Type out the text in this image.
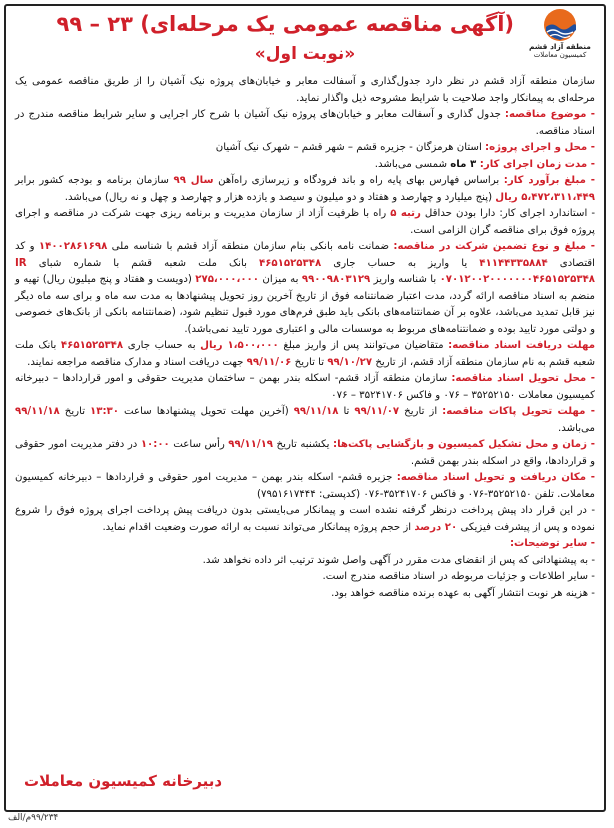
منطقه آزاد قشم
کمیسیون معاملات
(آگهی مناقصه عمومی یک مرحله‌ای) ۲۳ – ۹۹
«نوبت اول»

سازمان منطقه آزاد قشم در نظر دارد جدول‌گذاری و آسفالت معابر و خیابان‌های پروژه نیک آشیان را از طریق مناقصه عمومی یک مرحله‌ای به پیمانکار واجد صلاحیت با شرایط مشروحه ذیل واگذار نماید.

- موضوع مناقصه: جدول گذاری و آسفالت معابر و خیابان‌های پروژه نیک آشیان با شرح کار اجرایی و سایر شرایط مناقصه مندرج در اسناد مناقصه.

- محل و اجرای پروژه: استان هرمزگان - جزیره قشم – شهر قشم – شهرک نیک آشیان

- مدت زمان اجرای کار: ۳ ماه شمسی می‌باشد.

- مبلغ برآورد کار: براساس فهارس بهای پایه راه و باند فرودگاه و زیرسازی راه‌آهن سال ۹۹ سازمان برنامه و بودجه کشور برابر ۵،۴۷۲،۳۱۱،۴۴۹ ریال (پنج میلیارد و چهارصد و هفتاد و دو میلیون و سیصد و یازده هزار و چهارصد و چهل و نه ریال) می‌باشد.

- استاندارد اجرای کار: دارا بودن حداقل رتبه ۵ راه با ظرفیت آزاد از سازمان مدیریت و برنامه ریزی جهت شرکت در مناقصه و اجرای پروژه فوق برای مناقصه گران الزامی است.

- مبلغ و نوع تضمین شرکت در مناقصه: ضمانت نامه بانکی بنام سازمان منطقه آزاد قشم با شناسه ملی ۱۴۰۰۲۸۶۱۶۹۸ و کد اقتصادی ۴۱۱۴۴۳۳۵۸۸۴ یا واریز به حساب جاری ۴۶۵۱۵۲۵۳۴۸ بانک ملت شعبه قشم با شماره شبای IR ۰۷۰۱۲۰۰۲۰۰۰۰۰۰۰۴۶۵۱۵۲۵۳۴۸ با شناسه واریز ۹۹۰۰۹۸۰۳۱۲۹ به میزان ۲۷۵،۰۰۰،۰۰۰ (دویست و هفتاد و پنج میلیون ریال) تهیه و منضم به اسناد مناقصه ارائه گردد، مدت اعتبار ضمانتنامه فوق از تاریخ آخرین روز تحویل پیشنهادها به مدت سه ماه و برای سه ماه دیگر نیز قابل تمدید می‌باشد، علاوه بر آن ضمانتنامه‌های بانکی باید طبق فرم‌های مورد قبول تنظیم شود، (ضمانتنامه بانکی از بانک‌های خصوصی و دولتی مورد تایید بوده و ضمانتنامه‌های مربوط به موسسات مالی و اعتباری مورد تایید نمی‌باشد).

مهلت دریافت اسناد مناقصه: متقاضیان می‌توانند پس از واریز مبلغ ۱،۵۰۰،۰۰۰ ریال به حساب جاری ۴۶۵۱۵۲۵۳۴۸ بانک ملت شعبه قشم به نام سازمان منطقه آزاد قشم، از تاریخ ۹۹/۱۰/۲۷ تا تاریخ ۹۹/۱۱/۰۶ جهت دریافت اسناد و مدارک مناقصه مراجعه نمایند.

- محل تحویل اسناد مناقصه: سازمان منطقه آزاد قشم- اسکله بندر بهمن – ساختمان مدیریت حقوقی و امور قراردادها – دبیرخانه کمیسیون معاملات ۳۵۲۵۲۱۵۰ – ۰۷۶ و فاکس ۳۵۲۴۱۷۰۶ – ۰۷۶

- مهلت تحویل پاکات مناقصه: از تاریخ ۹۹/۱۱/۰۷ تا ۹۹/۱۱/۱۸ (آخرین مهلت تحویل پیشنهادها ساعت ۱۳:۳۰ تاریخ ۹۹/۱۱/۱۸ می‌باشد.

- زمان و محل تشکیل کمیسیون و بازگشایی پاکت‌ها: یکشنبه تاریخ ۹۹/۱۱/۱۹ رأس ساعت ۱۰:۰۰ در دفتر مدیریت امور حقوقی و قراردادها، واقع در اسکله بندر بهمن قشم.

- مکان دریافت و تحویل اسناد مناقصه: جزیره قشم- اسکله بندر بهمن – مدیریت امور حقوقی و قراردادها – دبیرخانه کمیسیون معاملات. تلفن ۳۵۲۵۲۱۵۰-۰۷۶ و فاکس ۳۵۲۴۱۷۰۶-۰۷۶ (کدپستی: ۷۹۵۱۶۱۷۴۴۴)

- در این قرار داد پیش پرداخت درنظر گرفته نشده است و پیمانکار می‌بایستی بدون دریافت پیش پرداخت اجرای پروژه فوق را شروع نموده و پس از پیشرفت فیزیکی ۲۰ درصد از حجم پروژه پیمانکار می‌تواند نسبت به ارائه صورت وضعیت اقدام نماید.

- سایر توضیحات:

- به پیشنهاداتی که پس از انقضای مدت مقرر در آگهی واصل شوند ترتیب اثر داده نخواهد شد.

- سایر اطلاعات و جزئیات مربوطه در اسناد مناقصه مندرج است.

- هزینه هر نوبت انتشار آگهی به عهده برنده مناقصه خواهد بود.

دبیرخانه کمیسیون معاملات
۹۹/۲۳۴م/الف
